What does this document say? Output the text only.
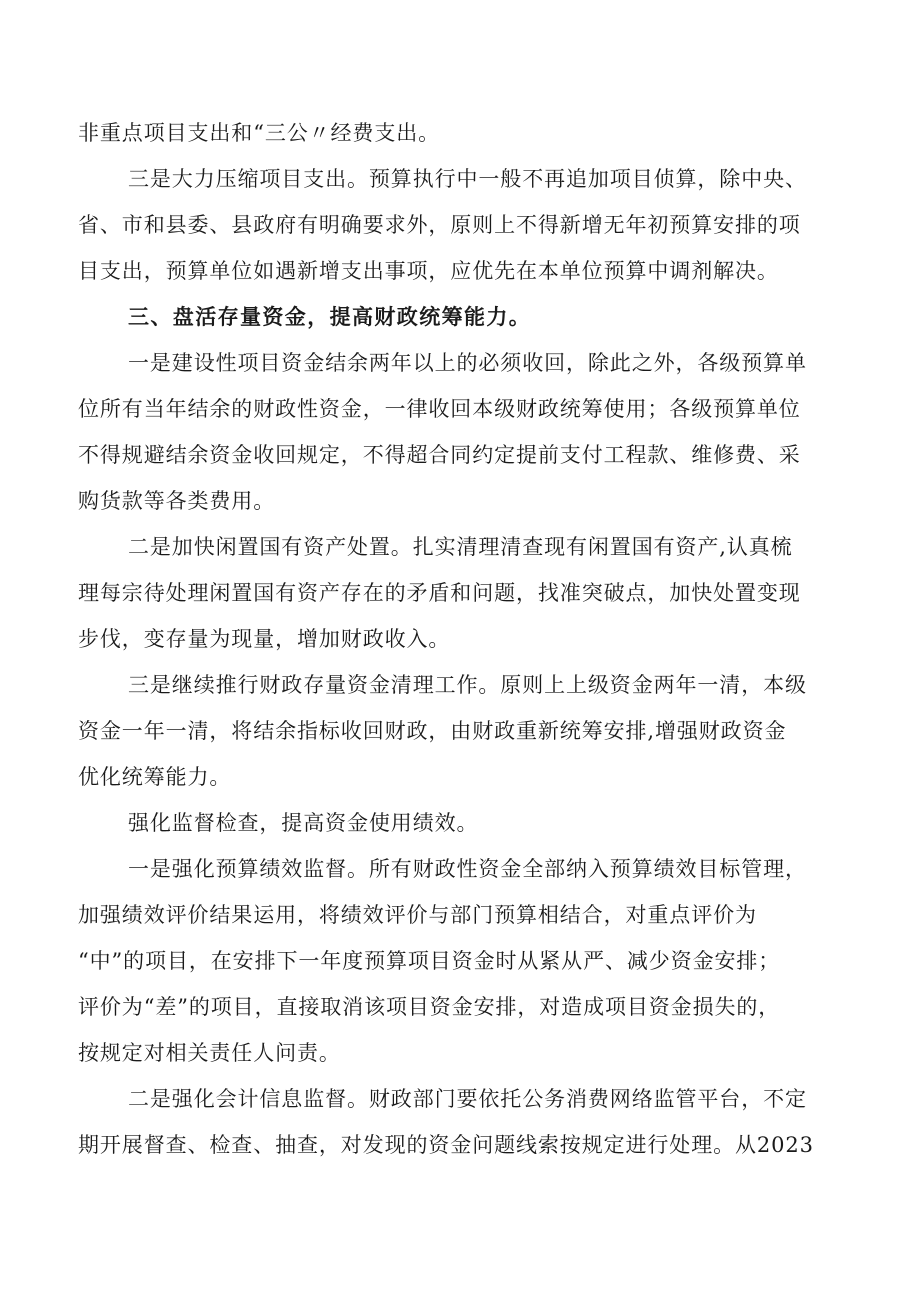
非重点项目支出和“三公〃经费支出。
三是大力压缩项目支出。预算执行中一般不再追加项目侦算，除中央、
省、市和县委、县政府有明确要求外，原则上不得新增无年初预算安排的项
目支出，预算单位如遇新增支出事项，应优先在本单位预算中调剂解决。
三、盘活存量资金，提高财政统筹能力。
一是建设性项目资金结余两年以上的必须收回，除此之外，各级预算单
位所有当年结余的财政性资金，一律收回本级财政统筹使用；各级预算单位
不得规避结余资金收回规定，不得超合同约定提前支付工程款、维修费、采
购货款等各类费用。
二是加快闲置国有资产处置。扎实清理清查现有闲置国有资产,认真梳
理每宗待处理闲置国有资产存在的矛盾和问题，找准突破点，加快处置变现
步伐，变存量为现量，增加财政收入。
三是继续推行财政存量资金清理工作。原则上上级资金两年一清，本级
资金一年一清，将结余指标收回财政，由财政重新统筹安排,增强财政资金
优化统筹能力。
强化监督检查，提高资金使用绩效。
一是强化预算绩效监督。所有财政性资金全部纳入预算绩效目标管理，
加强绩效评价结果运用，将绩效评价与部门预算相结合，对重点评价为
“中”的项目，在安排下一年度预算项目资金时从紧从严、减少资金安排；
评价为“差”的项目，直接取消该项目资金安排，对造成项目资金损失的，
按规定对相关责任人问责。
二是强化会计信息监督。财政部门要依托公务消费网络监管平台，不定
期开展督查、检查、抽查，对发现的资金问题线索按规定进行处理。从2023
